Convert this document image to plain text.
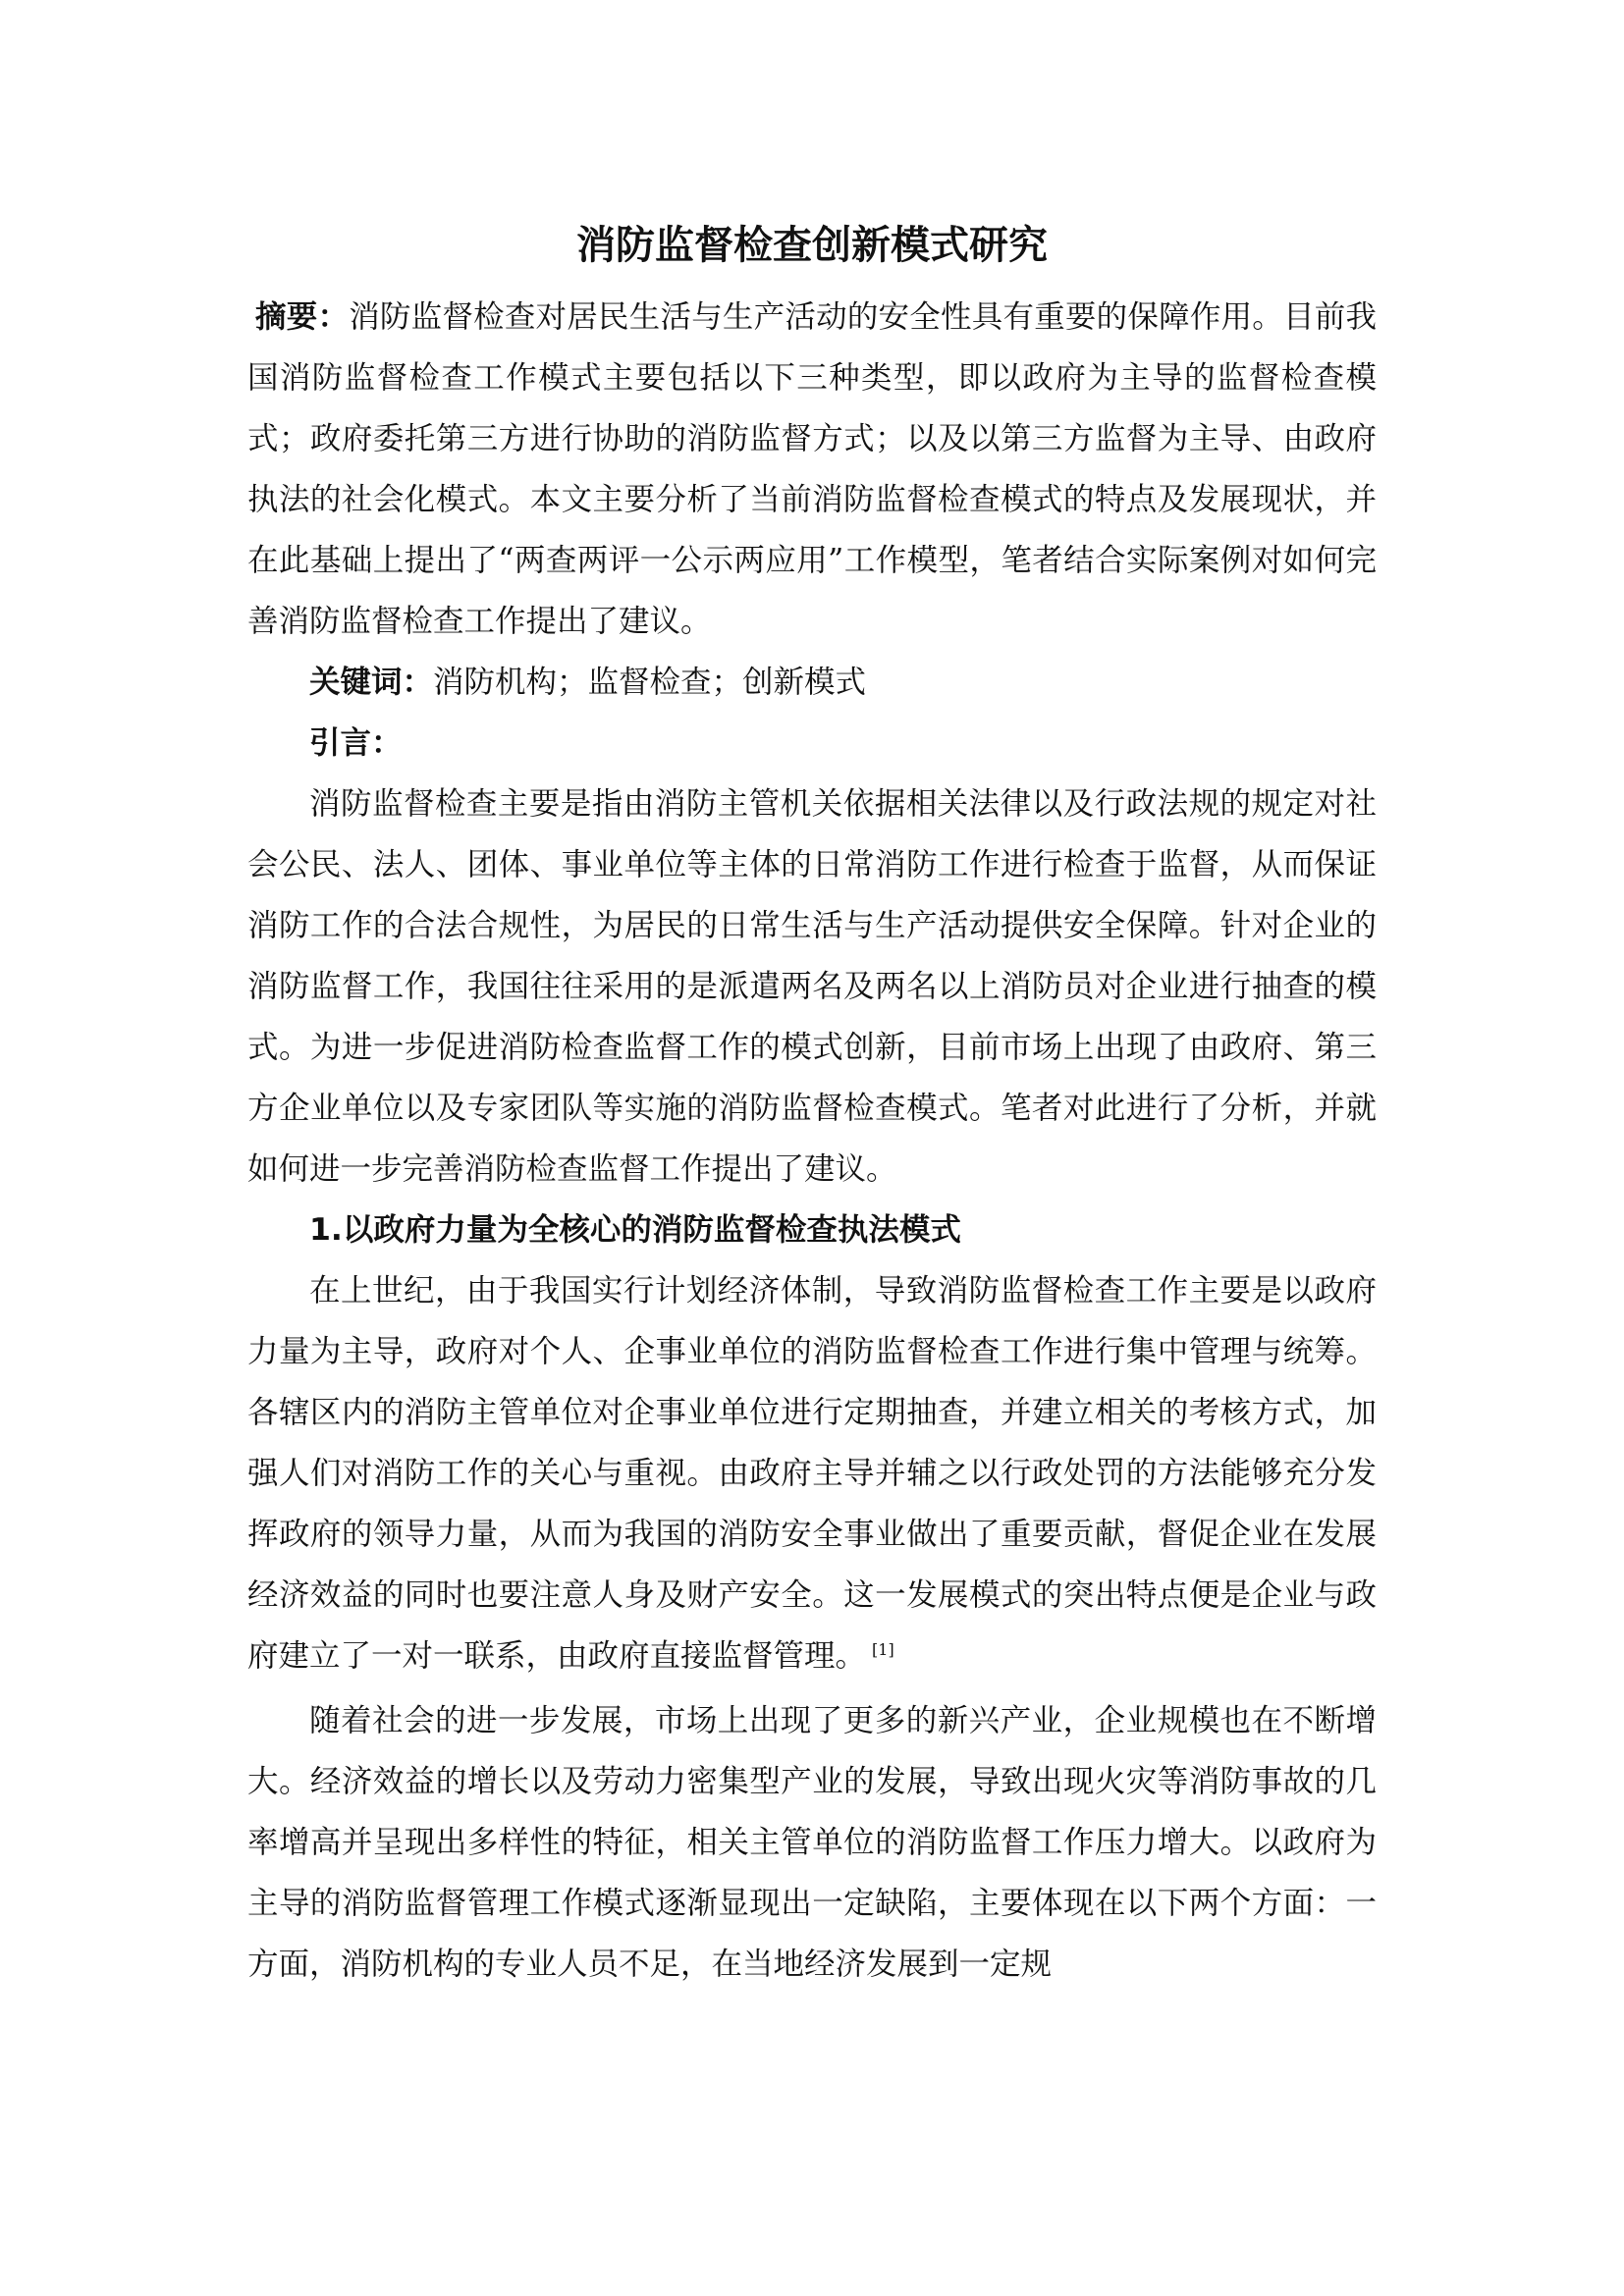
消防监督检查创新模式研究

摘要：消防监督检查对居民生活与生产活动的安全性具有重要的保障作用。目前我国消防监督检查工作模式主要包括以下三种类型，即以政府为主导的监督检查模式；政府委托第三方进行协助的消防监督方式；以及以第三方监督为主导、由政府执法的社会化模式。本文主要分析了当前消防监督检查模式的特点及发展现状，并在此基础上提出了“两查两评一公示两应用”工作模型，笔者结合实际案例对如何完善消防监督检查工作提出了建议。

关键词：消防机构；监督检查；创新模式

引言：

消防监督检查主要是指由消防主管机关依据相关法律以及行政法规的规定对社会公民、法人、团体、事业单位等主体的日常消防工作进行检查于监督，从而保证消防工作的合法合规性，为居民的日常生活与生产活动提供安全保障。针对企业的消防监督工作，我国往往采用的是派遣两名及两名以上消防员对企业进行抽查的模式。为进一步促进消防检查监督工作的模式创新，目前市场上出现了由政府、第三方企业单位以及专家团队等实施的消防监督检查模式。笔者对此进行了分析，并就如何进一步完善消防检查监督工作提出了建议。

1.以政府力量为全核心的消防监督检查执法模式

在上世纪，由于我国实行计划经济体制，导致消防监督检查工作主要是以政府力量为主导，政府对个人、企事业单位的消防监督检查工作进行集中管理与统筹。各辖区内的消防主管单位对企事业单位进行定期抽查，并建立相关的考核方式，加强人们对消防工作的关心与重视。由政府主导并辅之以行政处罚的方法能够充分发挥政府的领导力量，从而为我国的消防安全事业做出了重要贡献，督促企业在发展经济效益的同时也要注意人身及财产安全。这一发展模式的突出特点便是企业与政府建立了一对一联系，由政府直接监督管理。 [1]

随着社会的进一步发展，市场上出现了更多的新兴产业，企业规模也在不断增大。经济效益的增长以及劳动力密集型产业的发展，导致出现火灾等消防事故的几率增高并呈现出多样性的特征，相关主管单位的消防监督工作压力增大。以政府为主导的消防监督管理工作模式逐渐显现出一定缺陷，主要体现在以下两个方面：一方面，消防机构的专业人员不足，在当地经济发展到一定规
